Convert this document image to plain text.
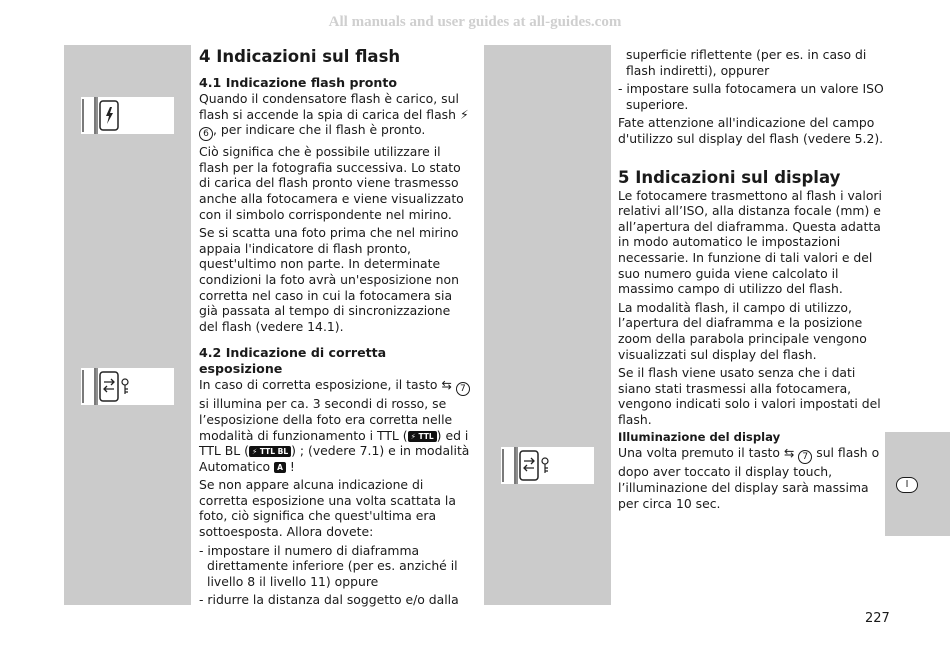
All manuals and user guides at all-guides.com
I
4 Indicazioni sul flash
4.1 Indicazione flash pronto

Quando il condensatore flash è carico, sul flash si accende la spia di carica del flash ⚡︎ 6 , per indicare che il flash è pronto.

Ciò significa che è possibile utilizzare il flash per la fotografia successiva. Lo stato di carica del flash pronto viene trasmesso anche alla fotocamera e viene visualizzato con il simbolo corrispondente nel mirino.

Se si scatta una foto prima che nel mirino appaia l'indicatore di flash pronto, quest'ultimo non parte. In determinate condizioni la foto avrà un'esposizione non corretta nel caso in cui la fotocamera sia già passata al tempo di sincronizzazione del flash (vedere 14.1).

4.2 Indicazione di corretta esposizione

In caso di corretta esposizione, il tasto ⇆ 7 si illumina per ca. 3 secondi di rosso, se l’esposizione della foto era corretta nelle modalità di funzionamento i TTL ( ⚡ TTL ) ed i TTL BL ( ⚡ TTL BL ) ; (vedere 7.1) e in modalità Automatico A !

Se non appare alcuna indicazione di corretta esposizione una volta scattata la foto, ciò significa che quest'ultima era sottoesposta. Allora dovete:

- impostare il numero di diaframma direttamente inferiore (per es. anziché il livello 8 il livello 11) oppure

- ridurre la distanza dal soggetto e/o dalla

superficie riflettente (per es. in caso di flash indiretti), oppurer

- impostare sulla fotocamera un valore ISO superiore.

Fate attenzione all'indicazione del campo d'utilizzo sul display del flash (vedere 5.2).

5 Indicazioni sul display

Le fotocamere trasmettono al flash i valori relativi all’ISO, alla distanza focale (mm) e all’apertura del diaframma. Questa adatta in modo automatico le impostazioni necessarie. In funzione di tali valori e del suo numero guida viene calcolato il massimo campo di utilizzo del flash.

La modalità flash, il campo di utilizzo, l’apertura del diaframma e la posizione zoom della parabola principale vengono visualizzati sul display del flash.

Se il flash viene usato senza che i dati siano stati trasmessi alla fotocamera, vengono indicati solo i valori impostati del flash.

Illuminazione del display

Una volta premuto il tasto ⇆ 7 sul flash o dopo aver toccato il display touch, l’illuminazione del display sarà massima per circa 10 sec.

227
